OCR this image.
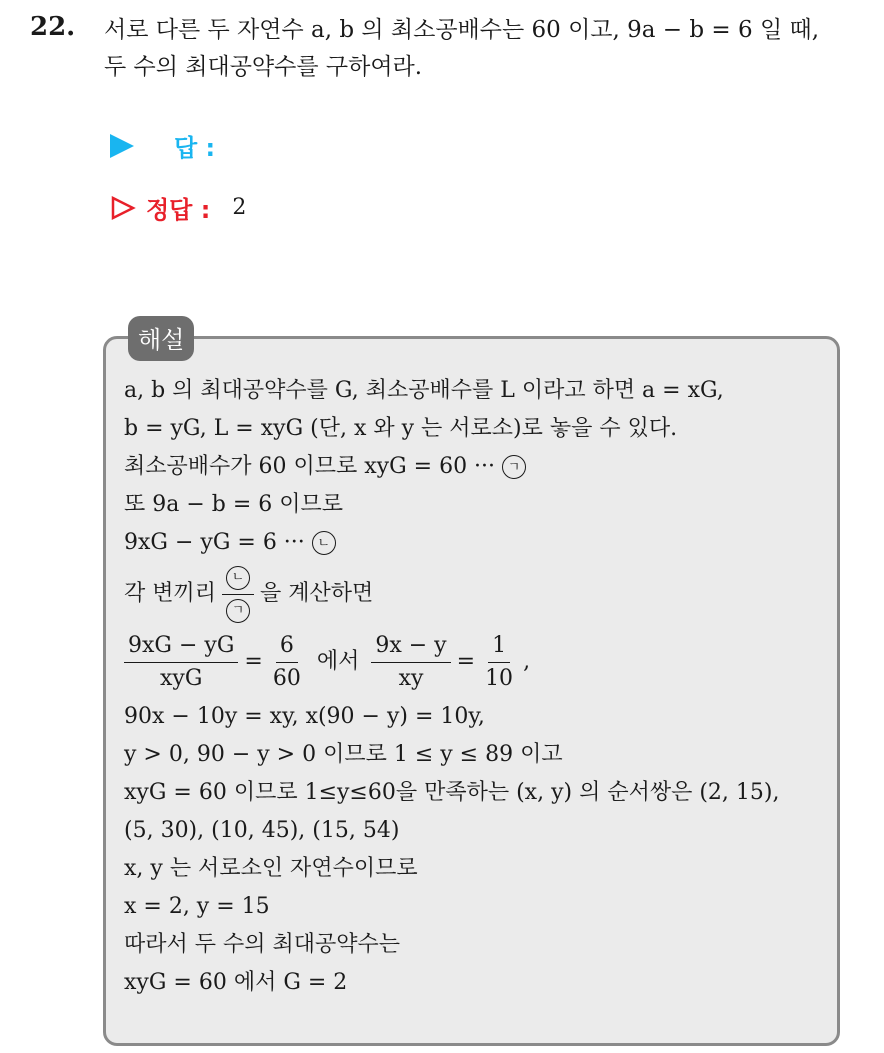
22. 서로 다른 두 자연수 a, b 의 최소공배수는 60 이고, 9a − b = 6 일 때,
두 수의 최대공약수를 구하여라.
답 :
정답 : 2
해설
a, b 의 최대공약수를 G, 최소공배수를 L 이라고 하면 a = xG,
b = yG, L = xyG (단, x 와 y 는 서로소)로 놓을 수 있다.
최소공배수가 60 이므로 xyG = 60 ··· ㄱ
또 9a − b = 6 이므로
9xG − yG = 6 ··· ㄴ
각 변끼리 $\frac{\text{ㄴ}}{\text{ㄱ}}$ 을 계산하면
$\frac{9xG - yG}{\text{xyG}} = \frac{6}{60}$ 에서 $\frac{9x - y}{xy} = \frac{1}{10}$ ,
90x − 10y = xy, x(90 − y) = 10y,
y > 0, 90 − y > 0 이므로 1 ≤ y ≤ 89 이고
xyG = 60 이므로 1≤y≤60을 만족하는 (x, y) 의 순서쌍은 (2, 15),
(5, 30), (10, 45), (15, 54)
x, y 는 서로소인 자연수이므로
x = 2, y = 15
따라서 두 수의 최대공약수는
xyG = 60 에서 G = 2
